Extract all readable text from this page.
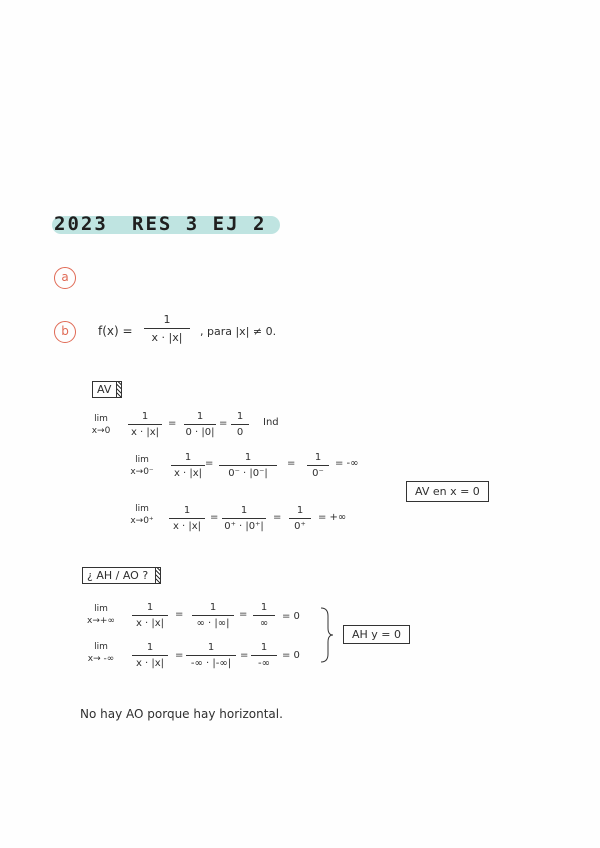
2023 RES 3 EJ 2
a
b	f(x) =
1
x · |x|	, para |x| ≠ 0.
AV
lim
x→0
1
x · |x|
=
1
0 · |0|
=
1
0
Ind
lim
x→0⁻
1
x · |x|
=
1
0⁻ · |0⁻|
=
1
0⁻
= -∞
AV en x = 0
lim
x→0⁺
1
x · |x|
=
1
0⁺ · |0⁺|
=
1
0⁺
= +∞
¿ AH / AO ?
lim
x→+∞
1
x · |x|
=
1
∞ · |∞|
=
1
∞
= 0
lim
x→ -∞
1
x · |x|
=
1
-∞ · |-∞|
=
1
-∞
= 0
AH y = 0
No hay AO porque hay horizontal.
